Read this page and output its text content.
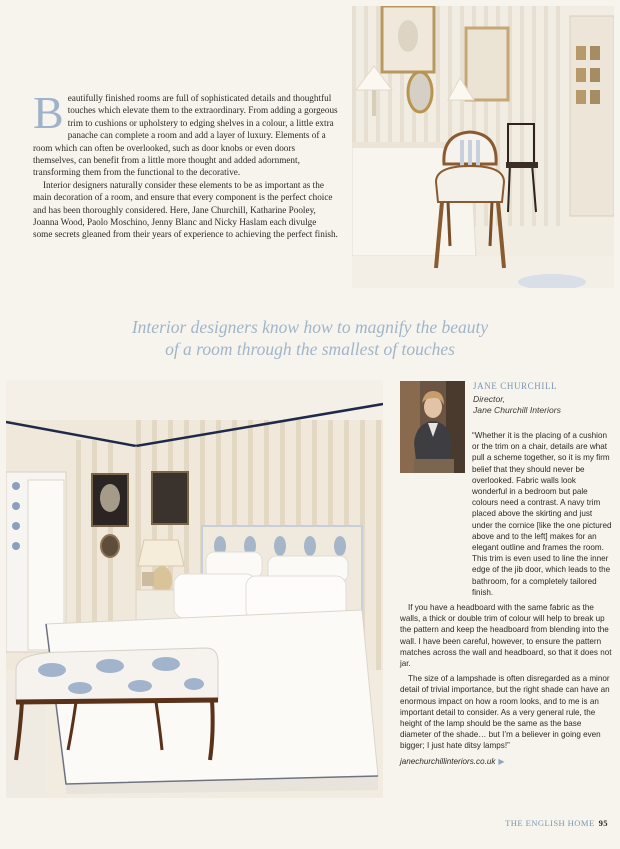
Beautifully finished rooms are full of sophisticated details and thoughtful touches which elevate them to the extraordinary. From adding a gorgeous trim to cushions or upholstery to edging shelves in a colour, a little extra panache can complete a room and add a layer of luxury. Elements of a room which can often be overlooked, such as door knobs or even doors themselves, can benefit from a little more thought and added adornment, transforming them from the functional to the decorative.

Interior designers naturally consider these elements to be as important as the main decoration of a room, and ensure that every component is the perfect choice and has been thoroughly considered. Here, Jane Churchill, Katharine Pooley, Joanna Wood, Paolo Moschino, Jenny Blanc and Nicky Haslam each divulge some secrets gleaned from their years of experience to achieving the perfect finish.

Interior designers know how to magnify the beauty
of a room through the smallest of touches
JANE CHURCHILL
Director,
Jane Churchill Interiors

“Whether it is the placing of a cushion or the trim on a chair, details are what pull a scheme together, so it is my firm belief that they should never be overlooked. Fabric walls look wonderful in a bedroom but pale colours need a contrast. A navy trim placed above the skirting and just under the cornice [like the one pictured above and to the left] makes for an elegant outline and frames the room. This trim is even used to line the inner edge of the jib door, which leads to the bathroom, for a completely tailored finish.

If you have a headboard with the same fabric as the walls, a thick or double trim of colour will help to break up the pattern and keep the headboard from blending into the wall. I have been careful, however, to ensure the pattern matches across the wall and headboard, so that it does not jar.

The size of a lampshade is often disregarded as a minor detail of trivial importance, but the right shade can have an enormous impact on how a room looks, and to me is an important detail to consider. As a very general rule, the height of the lamp should be the same as the base diameter of the shade… but I’m a believer in going even bigger; I just hate ditsy lamps!”

janechurchillinteriors.co.uk ▶
THE ENGLISH HOME 95
